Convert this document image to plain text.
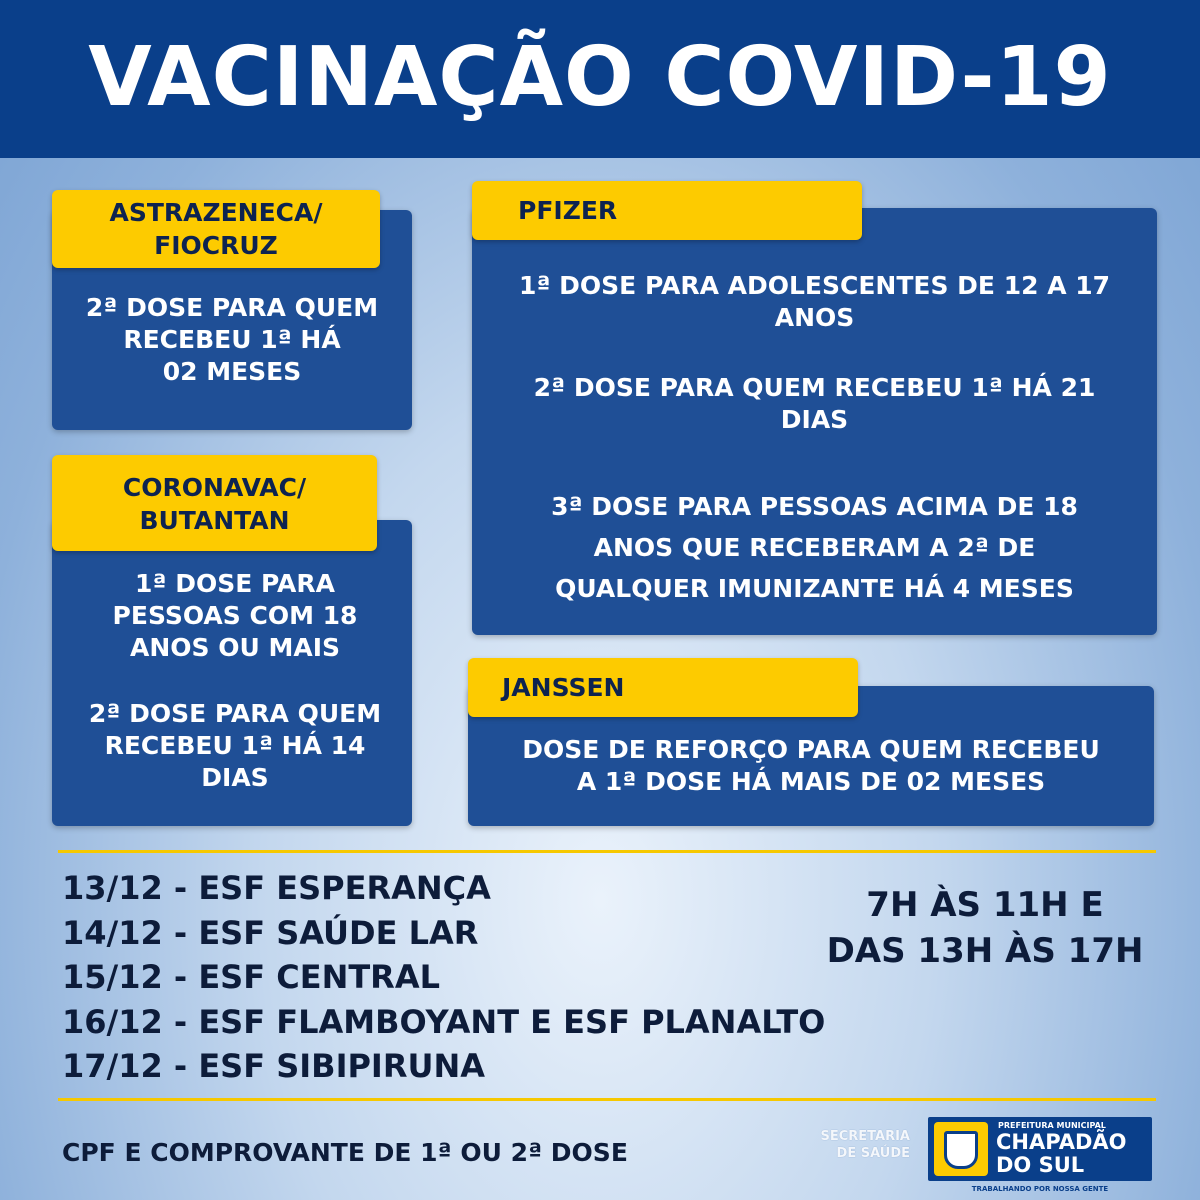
VACINAÇÃO COVID-19
2ª DOSE PARA QUEM
RECEBEU 1ª HÁ
02 MESES
ASTRAZENECA/
FIOCRUZ
1ª DOSE PARA
PESSOAS COM 18
ANOS OU MAIS
2ª DOSE PARA QUEM
RECEBEU 1ª HÁ 14
DIAS
CORONAVAC/
BUTANTAN
1ª DOSE PARA ADOLESCENTES DE 12 A 17
ANOS
2ª DOSE PARA QUEM RECEBEU 1ª HÁ 21
DIAS
3ª DOSE PARA PESSOAS ACIMA DE 18
ANOS QUE RECEBERAM A 2ª DE
QUALQUER IMUNIZANTE HÁ 4 MESES
PFIZER
DOSE DE REFORÇO PARA QUEM RECEBEU
A 1ª DOSE HÁ MAIS DE 02 MESES
JANSSEN
13/12 - ESF ESPERANÇA
14/12 - ESF SAÚDE LAR
15/12 - ESF CENTRAL
16/12 - ESF FLAMBOYANT E ESF PLANALTO
17/12 - ESF SIBIPIRUNA
7H ÀS 11H E
DAS 13H ÀS 17H
CPF E COMPROVANTE DE 1ª OU 2ª DOSE
SECRETARIA
DE SAÚDE
PREFEITURA MUNICIPAL
CHAPADÃO
DO SUL
TRABALHANDO POR NOSSA GENTE
